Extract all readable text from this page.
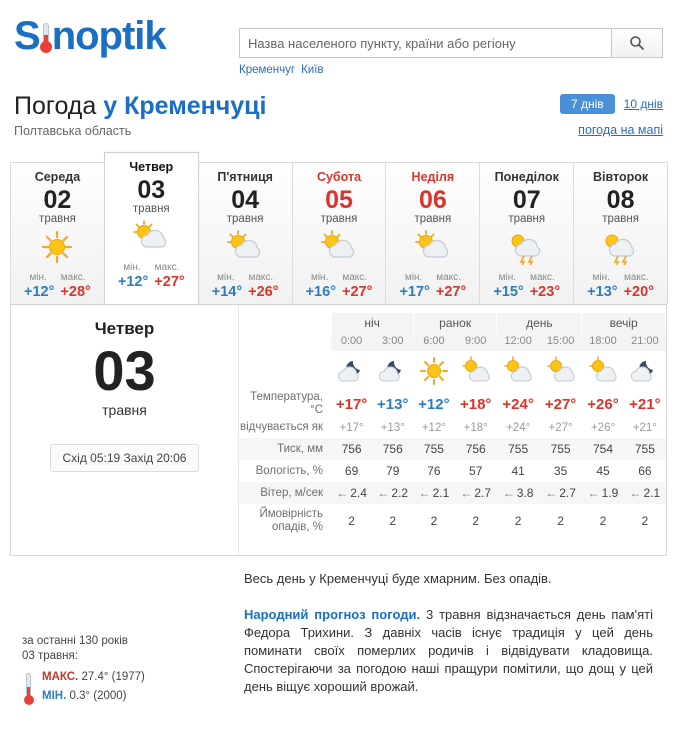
S noptik
Назва населеного пункту, країни або регіону
Кременчуг Київ
Погода у Кременчуці
Полтавська область
7 днів 10 днів
погода на мапі
Середа
02
травня
мін. макс.
+12° +28°
Четвер
03
травня
мін. макс.
+12° +27°
П'ятниця
04
травня
мін. макс.
+14° +26°
Субота
05
травня
мін. макс.
+16° +27°
Неділя
06
травня
мін. макс.
+17° +27°
Понеділок
07
травня
мін. макс.
+15° +23°
Вівторок
08
травня
мін. макс.
+13° +20°
Четвер
03
травня
Схід 05:19 Захід 20:06
	ніч		ранок		день		вечір	
	0:00	3:00	6:00	9:00	12:00	15:00	18:00	21:00

Температура, °C	+17°	+13°	+12°	+18°	+24°	+27°	+26°	+21°
відчувається як	+17°	+13°	+12°	+18°	+24°	+27°	+26°	+21°
Тиск, мм	756	756	755	756	755	755	754	755
Вологість, %	69	79	76	57	41	35	45	66
Вітер, м/сек	← 2.4	← 2.2	← 2.1	← 2.7	← 3.8	← 2.7	← 1.9	← 2.1
Ймовірність опадів, %	2	2	2	2	2	2	2	2
за останні 130 років
03 травня:
МАКС.
27.4° (1977)
МІН.
0.3° (2000)
Весь день у Кременчуці буде хмарним. Без опадів.
Народний прогноз погоди. 3 травня відзначається день пам'яті Федора Трихини. З давніх часів існує традиція у цей день поминати своїх померлих родичів і відвідувати кладовища. Спостерігаючи за погодою наші пращури помітили, що дощ у цей день віщує хороший врожай.
